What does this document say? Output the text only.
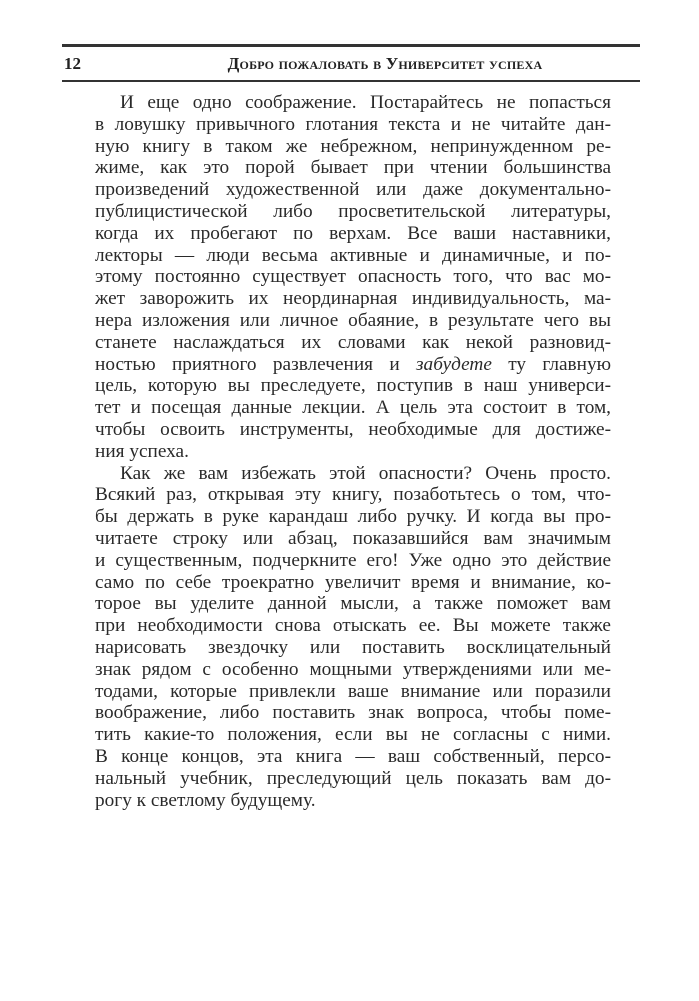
12	Добро пожаловать в Университет успеха
И еще одно соображение. Постарайтесь не попасться
в ловушку привычного глотания текста и не читайте дан-
ную книгу в таком же небрежном, непринужденном ре-
жиме, как это порой бывает при чтении большинства
произведений художественной или даже документально-
публицистической либо просветительской литературы,
когда их пробегают по верхам. Все ваши наставники,
лекторы — люди весьма активные и динамичные, и по-
этому постоянно существует опасность того, что вас мо-
жет заворожить их неординарная индивидуальность, ма-
нера изложения или личное обаяние, в результате чего вы
станете наслаждаться их словами как некой разновид-
ностью приятного развлечения и забудете ту главную
цель, которую вы преследуете, поступив в наш универси-
тет и посещая данные лекции. А цель эта состоит в том,
чтобы освоить инструменты, необходимые для достиже-
ния успеха.
Как же вам избежать этой опасности? Очень просто.
Всякий раз, открывая эту книгу, позаботьтесь о том, что-
бы держать в руке карандаш либо ручку. И когда вы про-
читаете строку или абзац, показавшийся вам значимым
и существенным, подчеркните его! Уже одно это действие
само по себе троекратно увеличит время и внимание, ко-
торое вы уделите данной мысли, а также поможет вам
при необходимости снова отыскать ее. Вы можете также
нарисовать звездочку или поставить восклицательный
знак рядом с особенно мощными утверждениями или ме-
тодами, которые привлекли ваше внимание или поразили
воображение, либо поставить знак вопроса, чтобы поме-
тить какие-то положения, если вы не согласны с ними.
В конце концов, эта книга — ваш собственный, персо-
нальный учебник, преследующий цель показать вам до-
рогу к светлому будущему.
